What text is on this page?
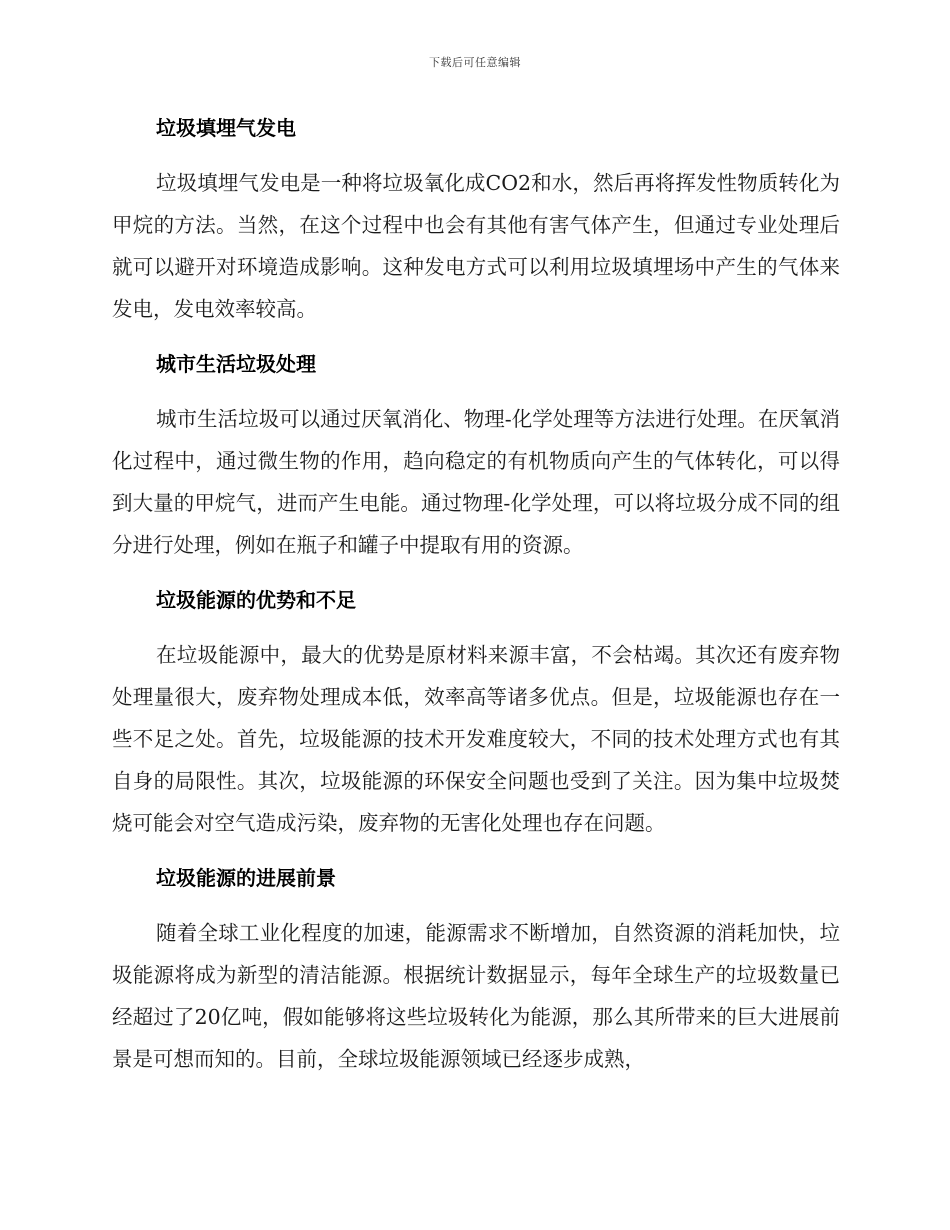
下载后可任意编辑
垃圾填埋气发电

垃圾填埋气发电是一种将垃圾氧化成CO2和水，然后再将挥发性物质转化为甲烷的方法。当然，在这个过程中也会有其他有害气体产生，但通过专业处理后就可以避开对环境造成影响。这种发电方式可以利用垃圾填埋场中产生的气体来发电，发电效率较高。

城市生活垃圾处理

城市生活垃圾可以通过厌氧消化、物理-化学处理等方法进行处理。在厌氧消化过程中，通过微生物的作用，趋向稳定的有机物质向产生的气体转化，可以得到大量的甲烷气，进而产生电能。通过物理-化学处理，可以将垃圾分成不同的组分进行处理，例如在瓶子和罐子中提取有用的资源。

垃圾能源的优势和不足

在垃圾能源中，最大的优势是原材料来源丰富，不会枯竭。其次还有废弃物处理量很大，废弃物处理成本低，效率高等诸多优点。但是，垃圾能源也存在一些不足之处。首先，垃圾能源的技术开发难度较大，不同的技术处理方式也有其自身的局限性。其次，垃圾能源的环保安全问题也受到了关注。因为集中垃圾焚烧可能会对空气造成污染，废弃物的无害化处理也存在问题。

垃圾能源的进展前景

随着全球工业化程度的加速，能源需求不断增加，自然资源的消耗加快，垃圾能源将成为新型的清洁能源。根据统计数据显示，每年全球生产的垃圾数量已经超过了20亿吨，假如能够将这些垃圾转化为能源，那么其所带来的巨大进展前景是可想而知的。目前，全球垃圾能源领域已经逐步成熟，
